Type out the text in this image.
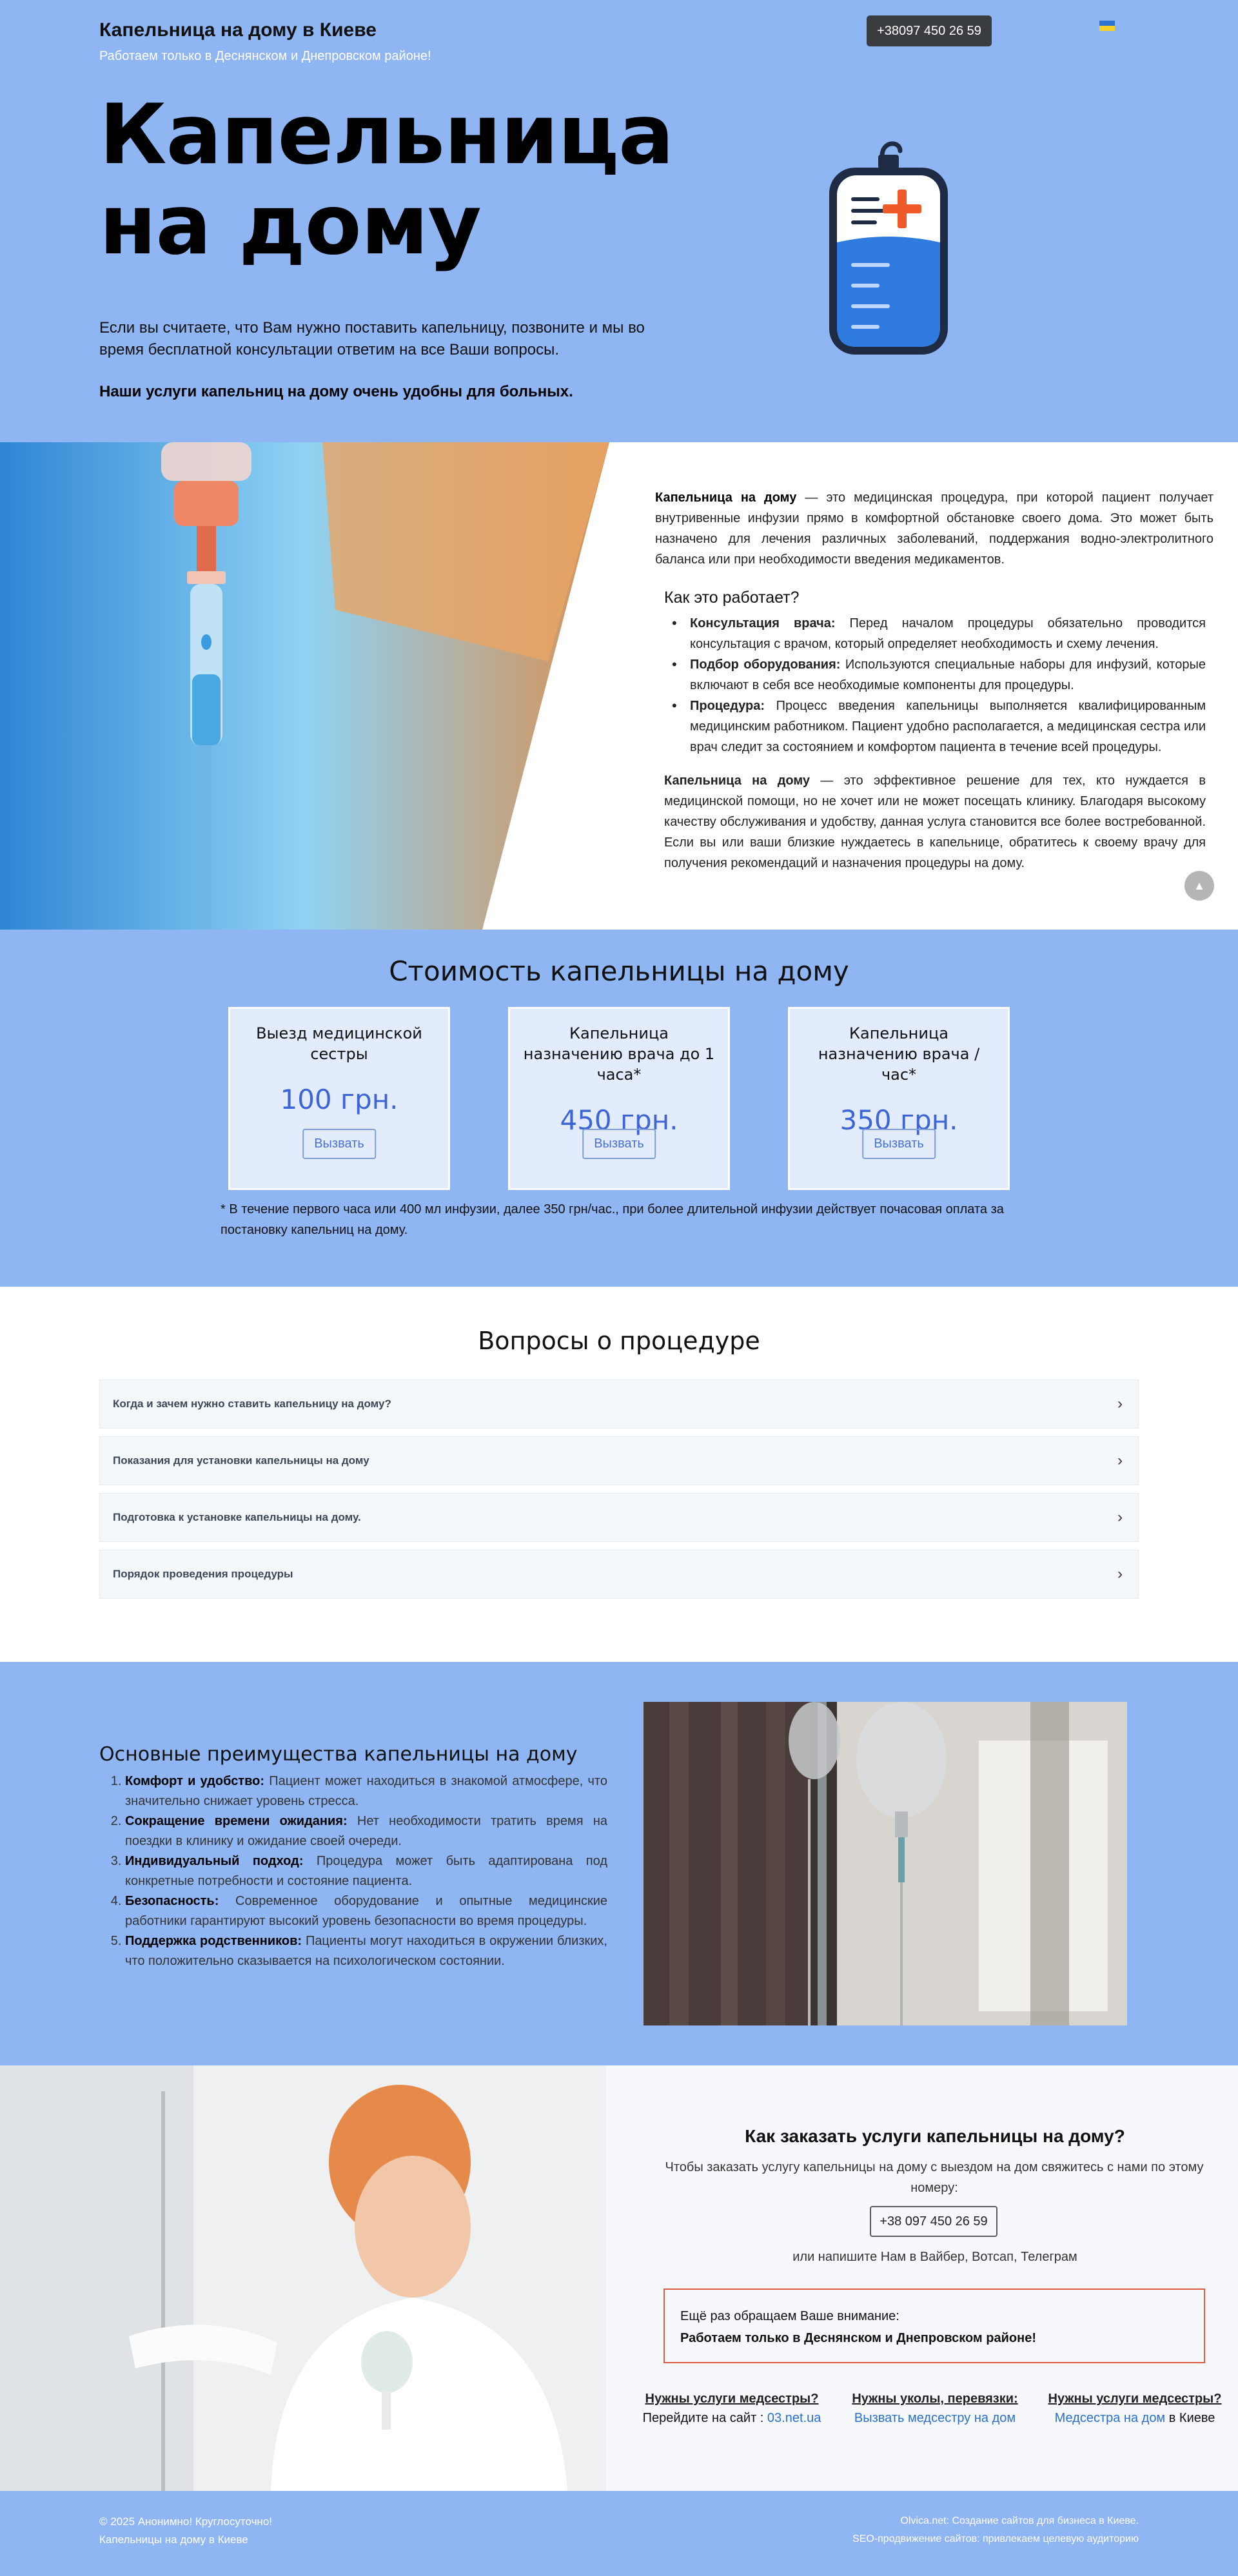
Капельница на дому в Киеве
Работаем только в Деснянском и Днепровском районе!
+38097 450 26 59
Капельница
на дому
Если вы считаете, что Вам нужно поставить капельницу, позвоните и мы во время бесплатной консультации ответим на все Ваши вопросы.
Наши услуги капельниц на дому очень удобны для больных.
Капельница на дому — это медицинская процедура, при которой пациент получает внутривенные инфузии прямо в комфортной обстановке своего дома. Это может быть назначено для лечения различных заболеваний, поддержания водно-электролитного баланса или при необходимости введения медикаментов.
Как это работает?
• Консультация врача: Перед началом процедуры обязательно проводится консультация с врачом, который определяет необходимость и схему лечения.
• Подбор оборудования: Используются специальные наборы для инфузий, которые включают в себя все необходимые компоненты для процедуры.
• Процедура: Процесс введения капельницы выполняется квалифицированным медицинским работником. Пациент удобно располагается, а медицинская сестра или врач следит за состоянием и комфортом пациента в течение всей процедуры.

Капельница на дому — это эффективное решение для тех, кто нуждается в медицинской помощи, но не хочет или не может посещать клинику. Благодаря высокому качеству обслуживания и удобству, данная услуга становится все более востребованной. Если вы или ваши близкие нуждаетесь в капельнице, обратитесь к своему врачу для получения рекомендаций и назначения процедуры на дому.

▲
Стоимость капельницы на дому
Выезд медицинской сестры
100 грн.
Вызвать
Капельница назначению врача до 1 часа*
450 грн.
Вызвать
Капельница назначению врача / час*
350 грн.
Вызвать
* В течение первого часа или 400 мл инфузии, далее 350 грн/час., при более длительной инфузии действует почасовая оплата за постановку капельниц на дому.
Вопросы о процедуре
Когда и зачем нужно ставить капельницу на дому?	›
Показания для установки капельницы на дому	›
Подготовка к установке капельницы на дому.	›
Порядок проведения процедуры	›
Основные преимущества капельницы на дому
1. Комфорт и удобство: Пациент может находиться в знакомой атмосфере, что значительно снижает уровень стресса.
2. Сокращение времени ожидания: Нет необходимости тратить время на поездки в клинику и ожидание своей очереди.
3. Индивидуальный подход: Процедура может быть адаптирована под конкретные потребности и состояние пациента.
4. Безопасность: Современное оборудование и опытные медицинские работники гарантируют высокий уровень безопасности во время процедуры.
5. Поддержка родственников: Пациенты могут находиться в окружении близких, что положительно сказывается на психологическом состоянии.
Как заказать услуги капельницы на дому?
Чтобы заказать услугу капельницы на дому с выездом на дом свяжитесь с нами по этому номеру:
+38 097 450 26 59
или напишите Нам в Вайбер, Вотсап, Телеграм
Ещё раз обращаем Ваше внимание:
Работаем только в Деснянском и Днепровском районе!
Нужны услуги медсестры?
Перейдите на сайт : 03.net.ua
Нужны уколы, перевязки:
Вызвать медсестру на дом
Нужны услуги медсестры?
Медсестра на дом в Киеве
© 2025 Анонимно! Круглосуточно!
Капельницы на дому в Киеве
Olvica.net: Создание сайтов для бизнеса в Киеве.
SEO-продвижение сайтов: привлекаем целевую аудиторию
